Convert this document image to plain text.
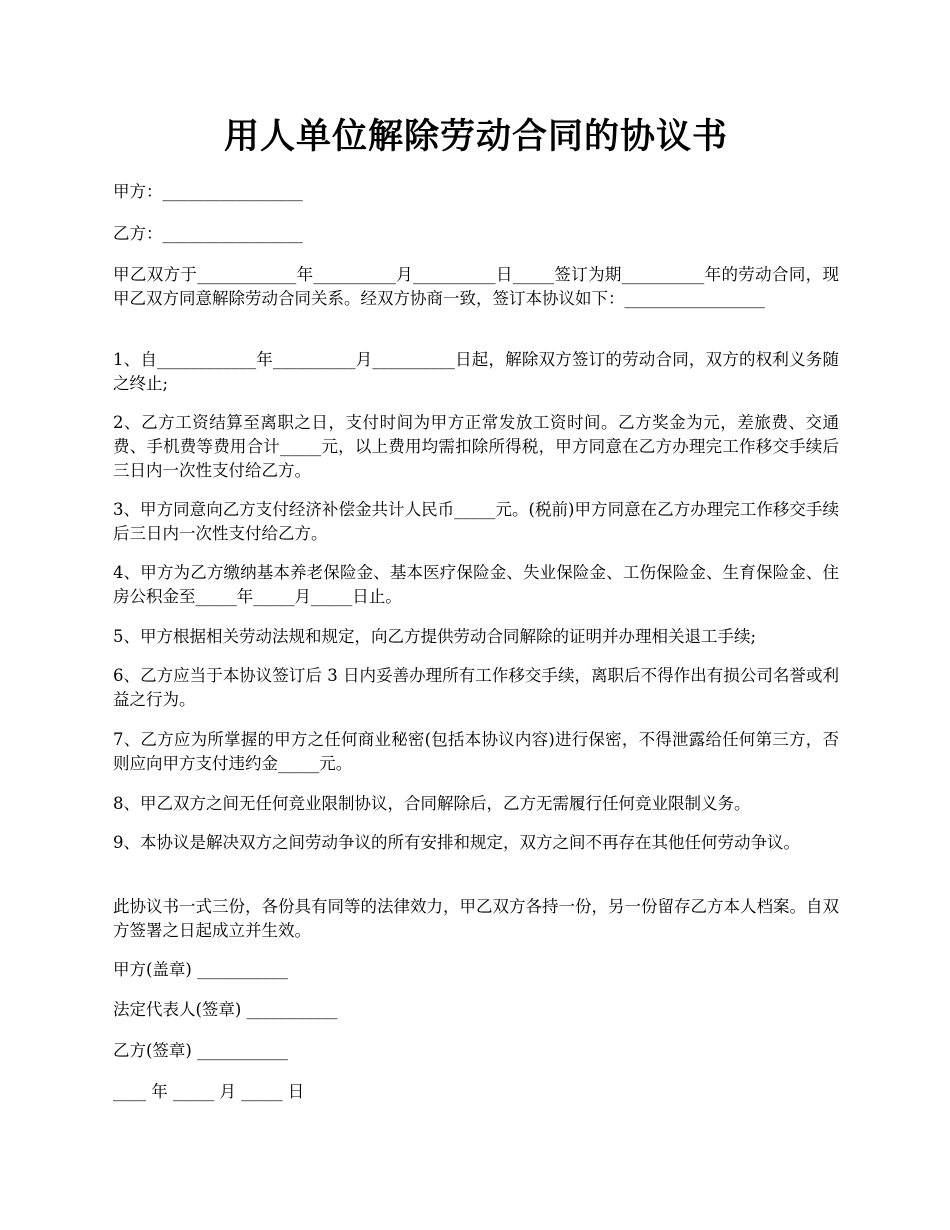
用人单位解除劳动合同的协议书

甲方：_________________

乙方：_________________

甲乙双方于____________年__________月__________日_____签订为期__________年的劳动合同，现甲乙双方同意解除劳动合同关系。经双方协商一致，签订本协议如下：_________________

1、自____________年__________月__________日起，解除双方签订的劳动合同，双方的权利义务随之终止;

2、乙方工资结算至离职之日，支付时间为甲方正常发放工资时间。乙方奖金为元，差旅费、交通费、手机费等费用合计_____元，以上费用均需扣除所得税，甲方同意在乙方办理完工作移交手续后三日内一次性支付给乙方。

3、甲方同意向乙方支付经济补偿金共计人民币_____元。(税前)甲方同意在乙方办理完工作移交手续后三日内一次性支付给乙方。

4、甲方为乙方缴纳基本养老保险金、基本医疗保险金、失业保险金、工伤保险金、生育保险金、住房公积金至_____年_____月_____日止。

5、甲方根据相关劳动法规和规定，向乙方提供劳动合同解除的证明并办理相关退工手续;

6、乙方应当于本协议签订后 3 日内妥善办理所有工作移交手续，离职后不得作出有损公司名誉或利益之行为。

7、乙方应为所掌握的甲方之任何商业秘密(包括本协议内容)进行保密，不得泄露给任何第三方，否则应向甲方支付违约金_____元。

8、甲乙双方之间无任何竞业限制协议，合同解除后，乙方无需履行任何竞业限制义务。

9、本协议是解决双方之间劳动争议的所有安排和规定，双方之间不再存在其他任何劳动争议。

此协议书一式三份，各份具有同等的法律效力，甲乙双方各持一份，另一份留存乙方本人档案。自双方签署之日起成立并生效。

甲方(盖章) ___________

法定代表人(签章) ___________

乙方(签章) ___________

____ 年 _____ 月 _____ 日
